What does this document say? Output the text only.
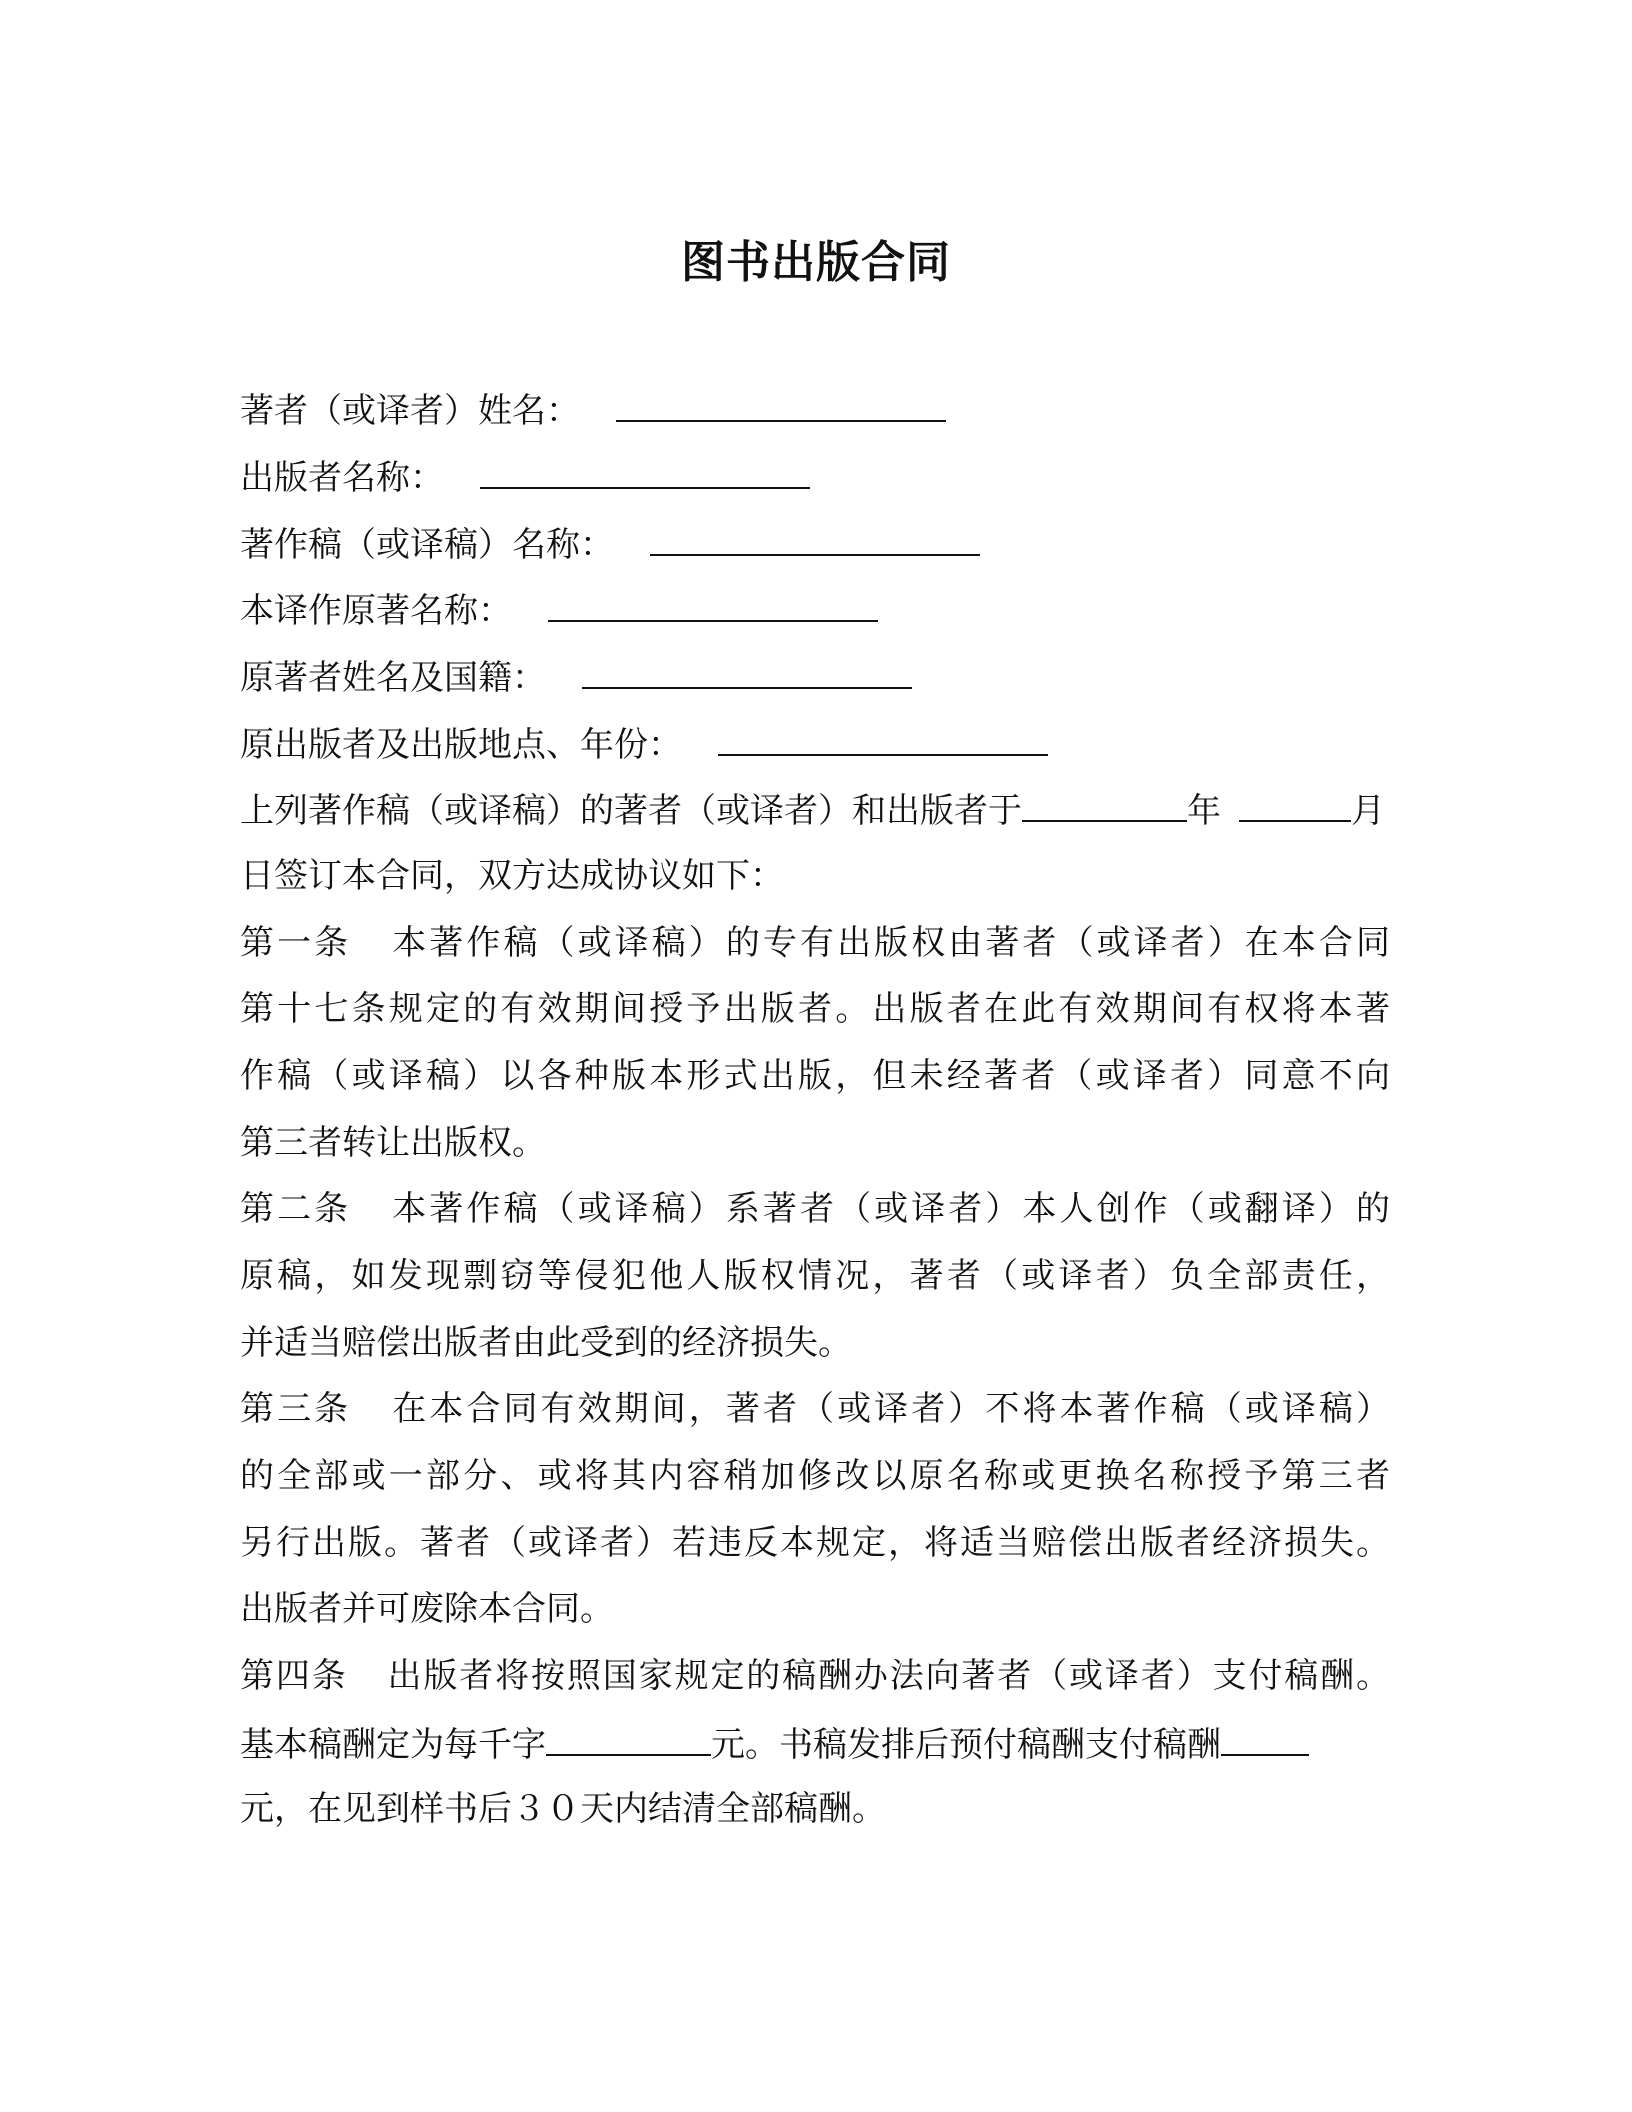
图书出版合同
著者（或译者）姓名：
出版者名称：
著作稿（或译稿）名称：
本译作原著名称：
原著者姓名及国籍：
原出版者及出版地点、年份：
上列著作稿（或译稿）的著者（或译者）和出版者于	年	月
日签订本合同，双方达成协议如下：
第一条 本著作稿（或译稿）的专有出版权由著者（或译者）在本合同
第十七条规定的有效期间授予出版者。出版者在此有效期间有权将本著
作稿（或译稿）以各种版本形式出版，但未经著者（或译者）同意不向
第三者转让出版权。
第二条 本著作稿（或译稿）系著者（或译者）本人创作（或翻译）的
原稿，如发现剽窃等侵犯他人版权情况，著者（或译者）负全部责任，
并适当赔偿出版者由此受到的经济损失。
第三条 在本合同有效期间，著者（或译者）不将本著作稿（或译稿）
的全部或一部分、或将其内容稍加修改以原名称或更换名称授予第三者
另行出版。著者（或译者）若违反本规定，将适当赔偿出版者经济损失。
出版者并可废除本合同。
第四条 出版者将按照国家规定的稿酬办法向著者（或译者）支付稿酬。
基本稿酬定为每千字	元。书稿发排后预付稿酬支付稿酬
元，在见到样书后３０天内结清全部稿酬。
